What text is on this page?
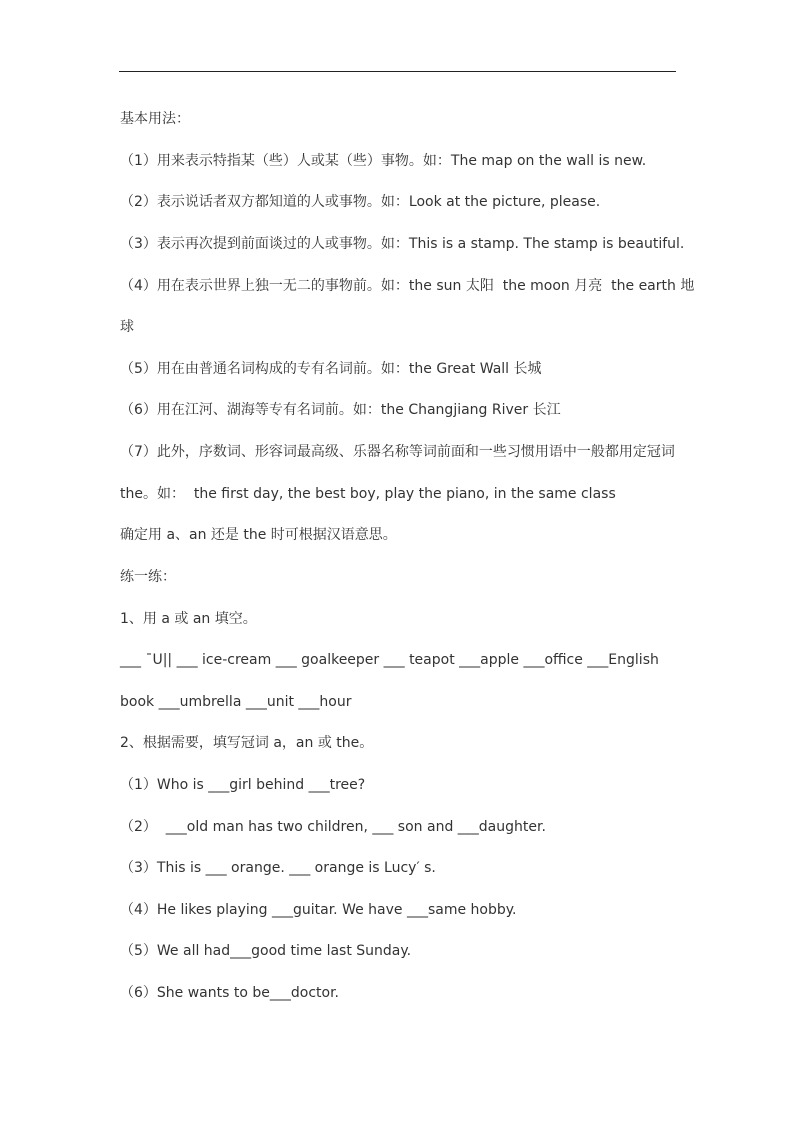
基本用法：
（1）用来表示特指某（些）人或某（些）事物。如：The map on the wall is new.
（2）表示说话者双方都知道的人或事物。如：Look at the picture, please.
（3）表示再次提到前面谈过的人或事物。如：This is a stamp. The stamp is beautiful.
（4）用在表示世界上独一无二的事物前。如：the sun 太阳  the moon 月亮  the earth 地
球
（5）用在由普通名词构成的专有名词前。如：the Great Wall 长城
（6）用在江河、湖海等专有名词前。如：the Changjiang River 长江
（7）此外，序数词、形容词最高级、乐器名称等词前面和一些习惯用语中一般都用定冠词
the。如：  the first day, the best boy, play the piano, in the same class
确定用 a、an 还是 the 时可根据汉语意思。
练一练：
1、用 a 或 an 填空。
___ ˉU|| ___ ice-cream ___ goalkeeper ___ teapot ___apple ___office ___English
book ___umbrella ___unit ___hour
2、根据需要，填写冠词 a，an 或 the。
（1）Who is ___girl behind ___tree?
（2）  ___old man has two children, ___ son and ___daughter.
（3）This is ___ orange. ___ orange is Lucy′ s.
（4）He likes playing ___guitar. We have ___same hobby.
（5）We all had___good time last Sunday.
（6）She wants to be___doctor.
